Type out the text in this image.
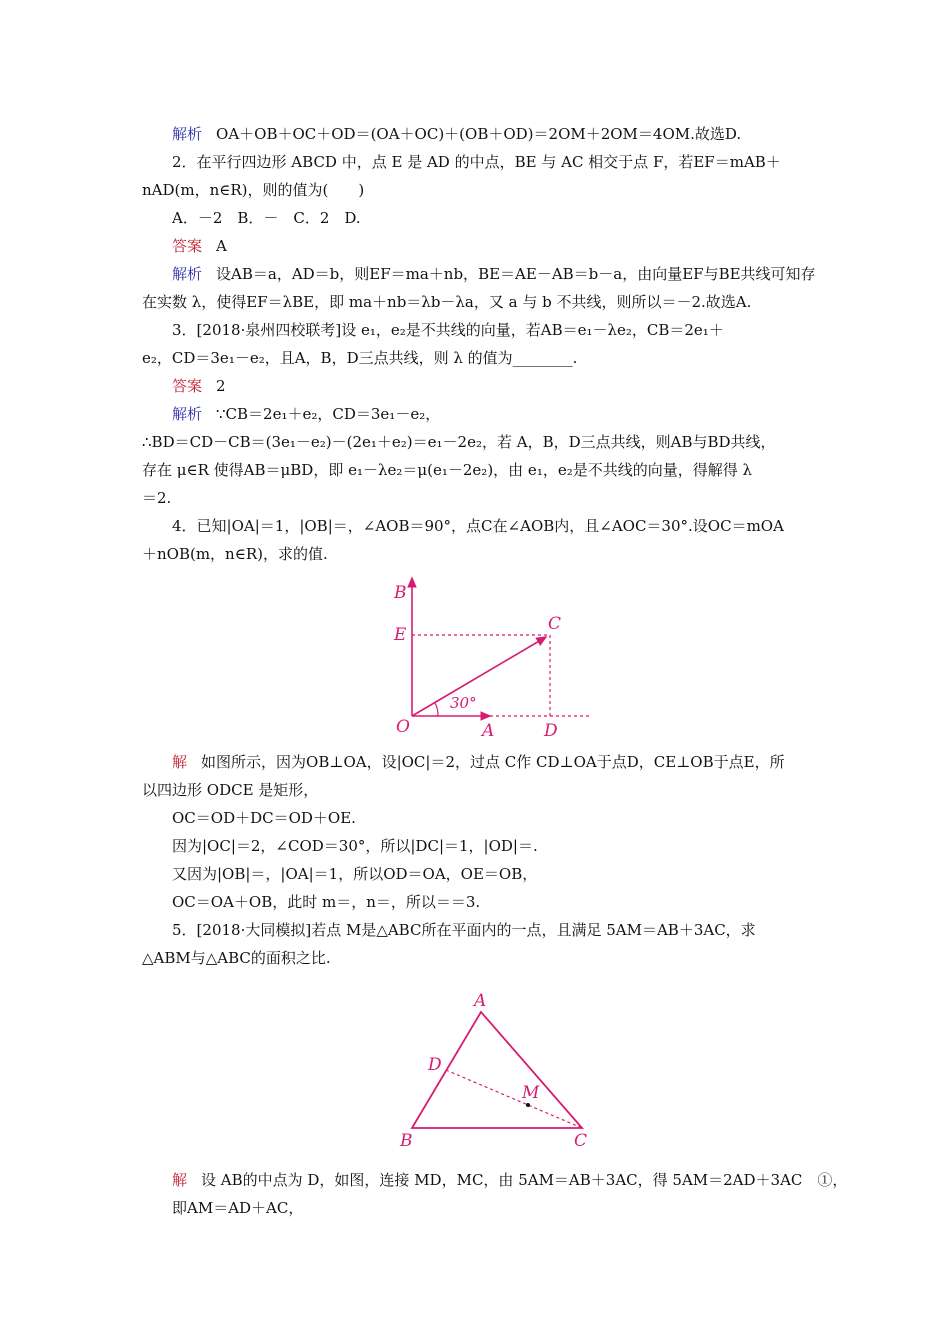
解析 OA＋OB＋OC＋OD＝(OA＋OC)＋(OB＋OD)＝2OM＋2OM＝4OM.故选D.
2．在平行四边形 ABCD 中，点 E 是 AD 的中点，BE 与 AC 相交于点 F，若EF＝mAB＋
nAD(m，n∈R)，则的值为(　　)
A．－2　B．－　C．2　D.
答案 A
解析 设AB＝a，AD＝b，则EF＝ma＋nb，BE＝AE－AB＝b－a，由向量EF与BE共线可知存
在实数 λ，使得EF＝λBE，即 ma＋nb＝λb－λa，又 a 与 b 不共线，则所以＝－2.故选A.
3．[2018·泉州四校联考]设 e₁，e₂是不共线的向量，若AB＝e₁－λe₂，CB＝2e₁＋
e₂，CD＝3e₁－e₂，且A，B，D三点共线，则 λ 的值为________.
答案 2
解析 ∵CB＝2e₁＋e₂，CD＝3e₁－e₂，
∴BD＝CD－CB＝(3e₁－e₂)－(2e₁＋e₂)＝e₁－2e₂，若 A，B，D三点共线，则AB与BD共线，
存在 μ∈R 使得AB＝μBD，即 e₁－λe₂＝μ(e₁－2e₂)，由 e₁，e₂是不共线的向量，得解得 λ
＝2.
4．已知|OA|＝1，|OB|＝，∠AOB＝90°，点C在∠AOB内，且∠AOC＝30°.设OC＝mOA
＋nOB(m，n∈R)，求的值.
B
E
C
O	A	D
30°
解 如图所示，因为OB⊥OA，设|OC|＝2，过点 C作 CD⊥OA于点D，CE⊥OB于点E，所
以四边形 ODCE 是矩形，
OC＝OD＋DC＝OD＋OE.
因为|OC|＝2，∠COD＝30°，所以|DC|＝1，|OD|＝.
又因为|OB|＝，|OA|＝1，所以OD＝OA，OE＝OB，
OC＝OA＋OB，此时 m＝，n＝，所以＝＝3.
5．[2018·大同模拟]若点 M是△ABC所在平面内的一点，且满足 5AM＝AB＋3AC，求
△ABM与△ABC的面积之比.
A
D
M
B	C
解 设 AB的中点为 D，如图，连接 MD，MC，由 5AM＝AB＋3AC，得 5AM＝2AD＋3AC　①，
即AM＝AD＋AC，
